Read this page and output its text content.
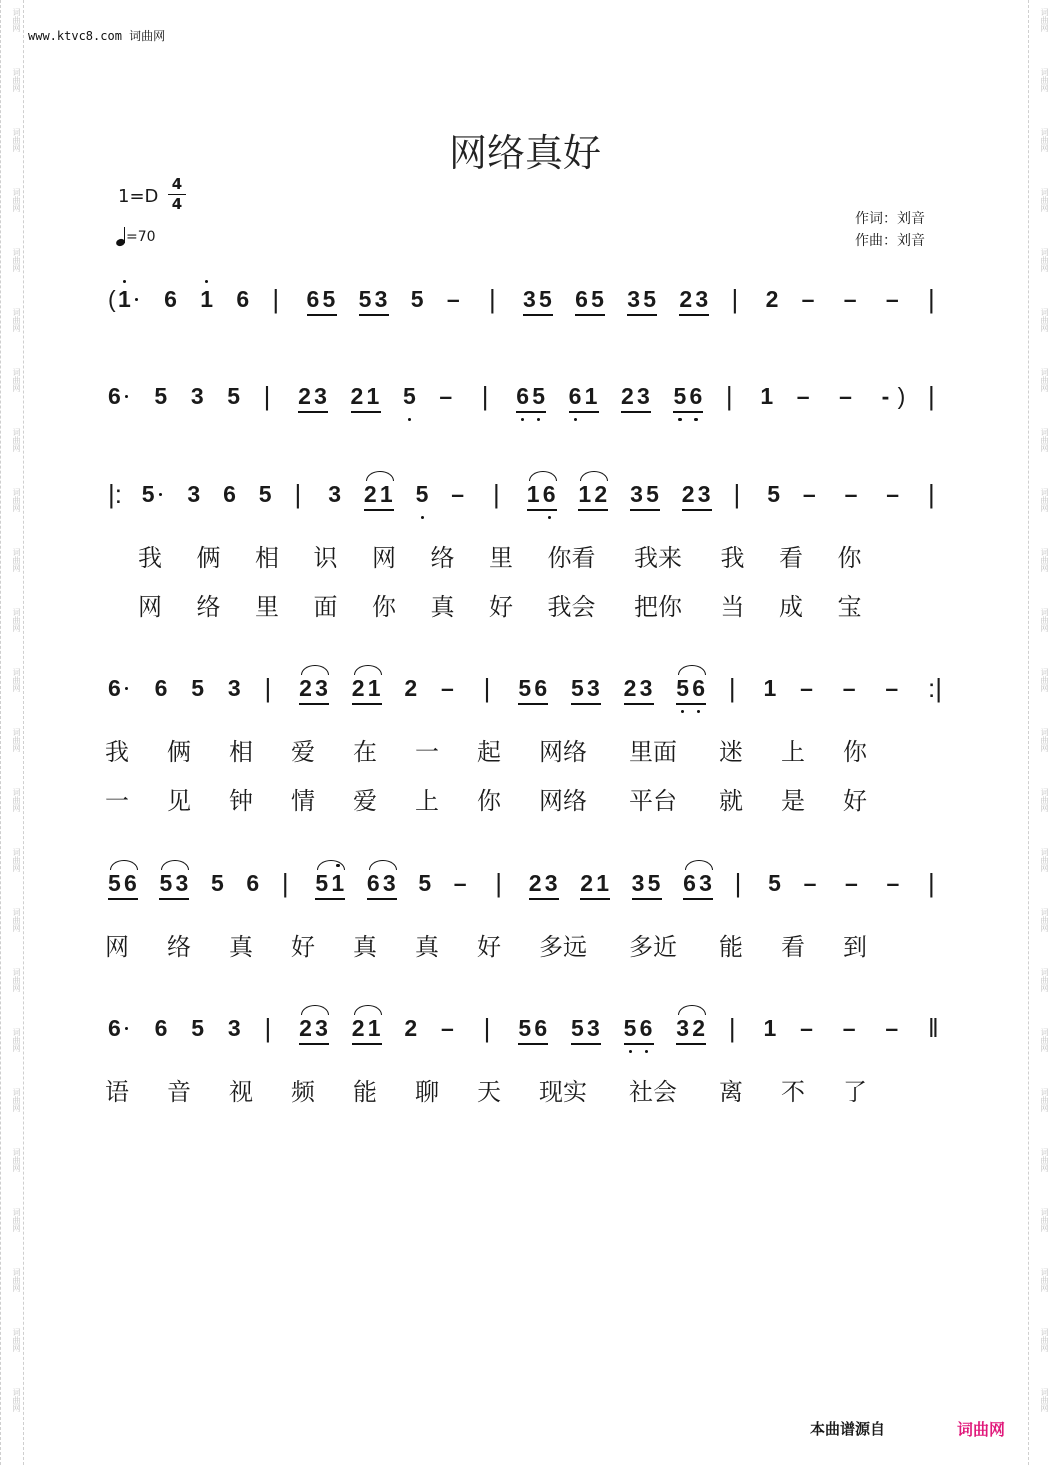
词曲网
词曲网
词曲网
词曲网
词曲网
词曲网
词曲网
词曲网
词曲网
词曲网
词曲网
词曲网
词曲网
词曲网
词曲网
词曲网
词曲网
词曲网
词曲网
词曲网
词曲网
词曲网
词曲网
词曲网
词曲网
词曲网
词曲网
词曲网
词曲网
词曲网
词曲网
词曲网
词曲网
词曲网
词曲网
词曲网
词曲网
词曲网
词曲网
词曲网
词曲网
词曲网
词曲网
词曲网
词曲网
词曲网
词曲网
词曲网
www.ktvc8.com 词曲网
网络真好
1=D
4
4
=70
作词：刘音
作曲：刘音
( 1 6 1 6 | 6 5 5 3 5 – | 3 5 6 5 3 5 2 3 | 2 – – – |
6 5 3 5 | 2 3 2 1 5 – | 6 5 6 1 2 3 5 6 | 1 – – - ) |
|: 5 3 6 5 | 3 2 1 5 – | 1 6 1 2 3 5 2 3 | 5 – – – |
我 俩 相 识 网 络 里 你看 我来 我 看 你
网 络 里 面 你 真 好 我会 把你 当 成 宝
6 6 5 3 | 2 3 2 1 2 – | 5 6 5 3 2 3 5 6 | 1 – – – :|
我 俩 相 爱 在 一 起 网络 里面 迷 上 你
一 见 钟 情 爱 上 你 网络 平台 就 是 好
5 6 5 3 5 6 | 5 1 6 3 5 – | 2 3 2 1 3 5 6 3 | 5 – – – |
网 络 真 好 真 真 好 多远 多近 能 看 到
6 6 5 3 | 2 3 2 1 2 – | 5 6 5 3 5 6 3 2 | 1 – – – ‖
语 音 视 频 能 聊 天 现实 社会 离 不 了
本曲谱源自	词曲网
